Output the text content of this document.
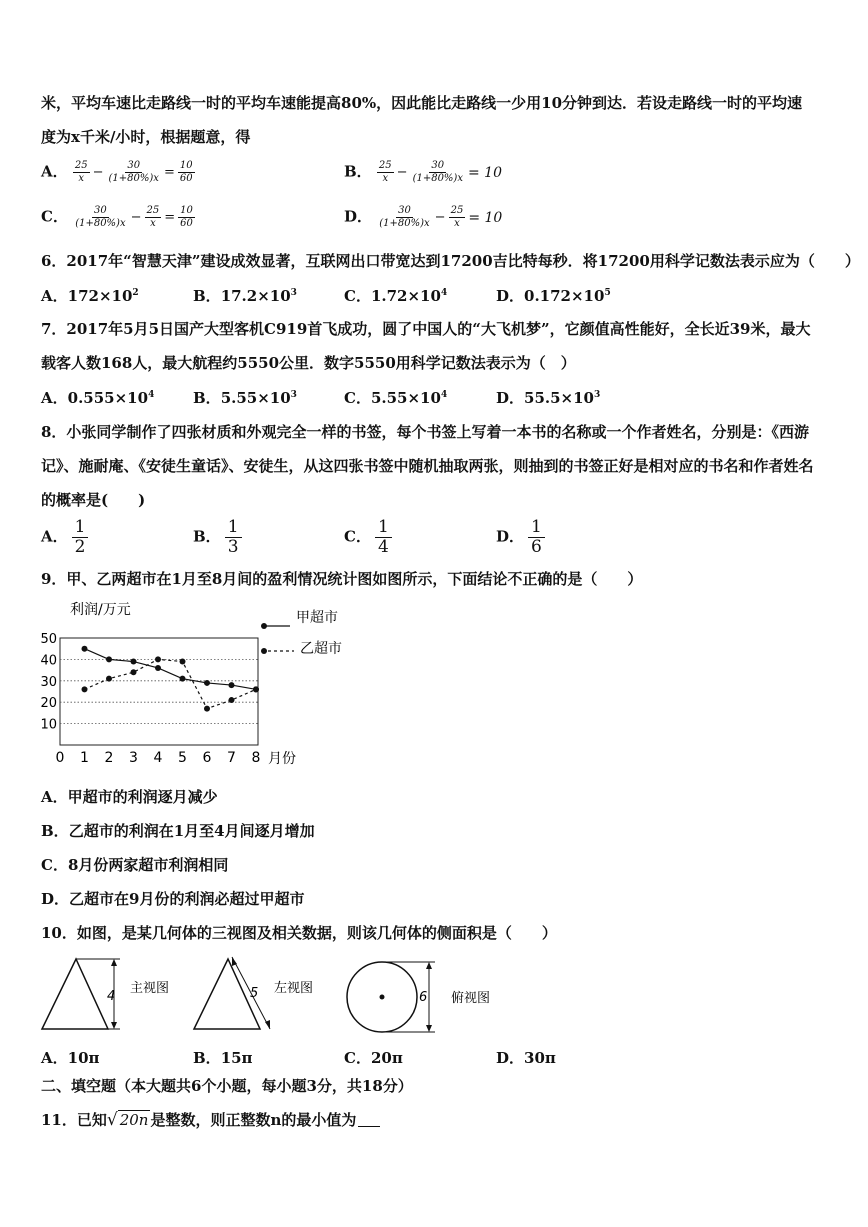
米，平均车速比走路线一时的平均车速能提高80%，因此能比走路线一少用10分钟到达．若设走路线一时的平均速
度为x千米/小时，根据题意，得
A． $\frac{25}{x} - \frac{30}{(1+80\%)x} = \frac{10}{60}$	B． $\frac{25}{x} - \frac{30}{(1+80\%)x} = 10$
C． $\frac{30}{(1+80\%)x} - \frac{25}{x} = \frac{10}{60}$	D． $\frac{30}{(1+80\%)x} - \frac{25}{x} = 10$
6．2017年“智慧天津”建设成效显著，互联网出口带宽达到17200吉比特每秒．将17200用科学记数法表示应为（　　）
A．$172\times 10^2$	B．$17.2\times 10^3$	C．$1.72\times 10^4$	D．$0.172\times 10^5$
7．2017年5月5日国产大型客机C919首飞成功，圆了中国人的“大飞机梦”，它颜值高性能好，全长近39米，最大
载客人数168人，最大航程约5550公里．数字5550用科学记数法表示为（　）
A．$0.555\times 10^4$	B．$5.55\times 10^3$	C．$5.55\times 10^4$	D．$55.5\times 10^3$
8．小张同学制作了四张材质和外观完全一样的书签，每个书签上写着一本书的名称或一个作者姓名，分别是：《西游
记》、施耐庵、《安徒生童话》、安徒生，从这四张书签中随机抽取两张，则抽到的书签正好是相对应的书名和作者姓名
的概率是(　　)
A． $\frac{1}{2}$	B． $\frac{1}{3}$	C． $\frac{1}{4}$	D． $\frac{1}{6}$
9．甲、乙两超市在1月至8月间的盈利情况统计图如图所示，下面结论不正确的是（　　）
利润/万元
10
20
30
40
50
0 1 2 3 4 5 6 7 8 月份
甲超市
乙超市
A．甲超市的利润逐月减少
B．乙超市的利润在1月至4月间逐月增加
C．8月份两家超市利润相同
D．乙超市在9月份的利润必超过甲超市
10．如图，是某几何体的三视图及相关数据，则该几何体的侧面积是（　　）
4
主视图	5 左视图
6 俯视图
A．10π	B．15π	C．20π	D．30π
二、填空题（本大题共6个小题，每小题3分，共18分）
11．已知√ 20n 是整数，则正整数n的最小值为
